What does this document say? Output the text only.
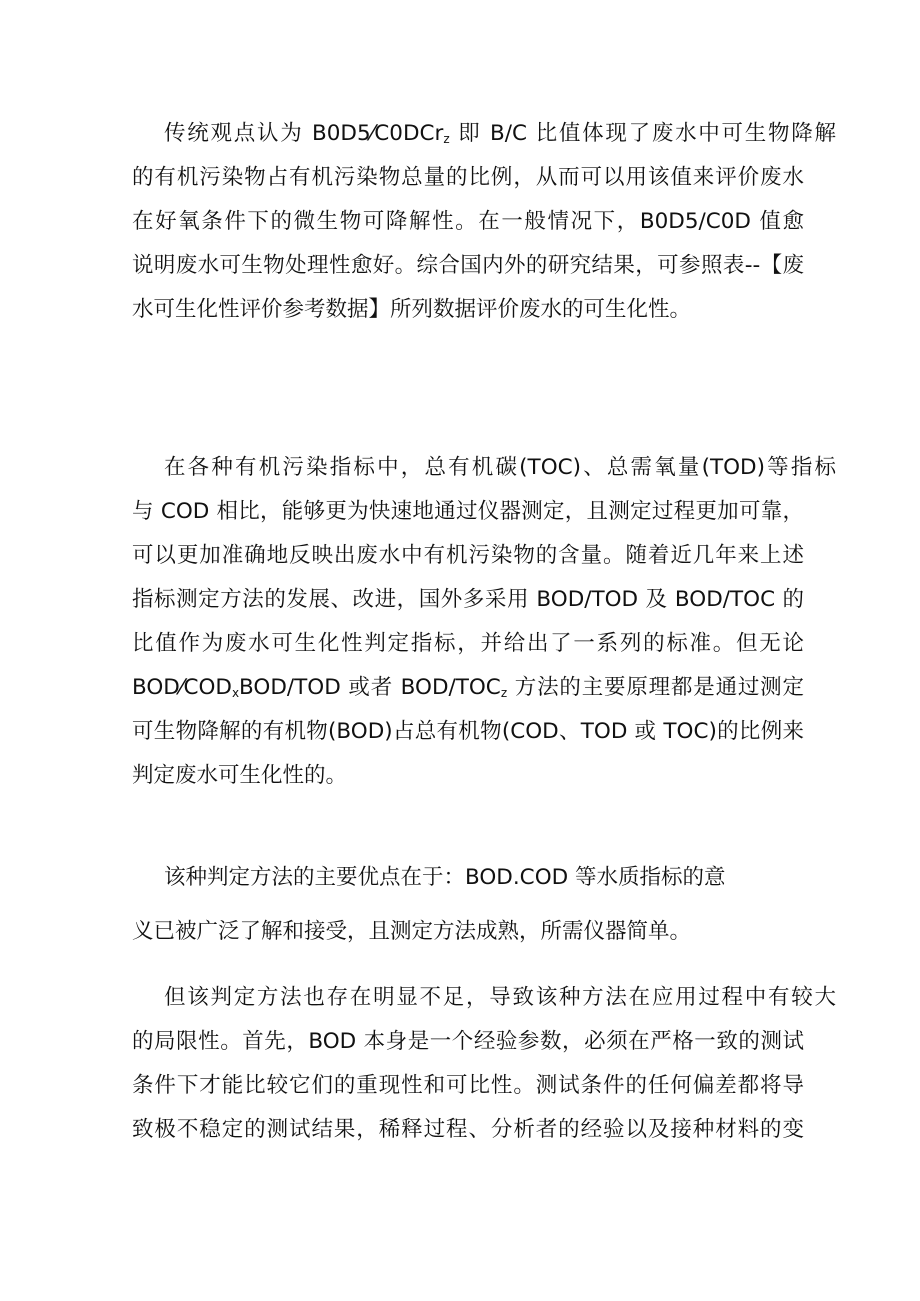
传统观点认为 B0D5⁄C0DCr$_z$ 即 B/C 比值体现了废水中可生物降解
的有机污染物占有机污染物总量的比例，从而可以用该值来评价废水
在好氧条件下的微生物可降解性。在一般情况下，B0D5/C0D 值愈
说明废水可生物处理性愈好。综合国内外的研究结果，可参照表--【废
水可生化性评价参考数据】所列数据评价废水的可生化性。
在各种有机污染指标中，总有机碳(TOC)、总需氧量(TOD)等指标
与 COD 相比，能够更为快速地通过仪器测定，且测定过程更加可靠，
可以更加准确地反映出废水中有机污染物的含量。随着近几年来上述
指标测定方法的发展、改进，国外多采用 BOD/TOD 及 BOD/TOC 的
比值作为废水可生化性判定指标，并给出了一系列的标准。但无论
$BOD⁄COD_xBOD$/TOD 或者 BOD/$TOC_z$ 方法的主要原理都是通过测定
可生物降解的有机物(BOD)占总有机物(COD、TOD 或 TOC)的比例来
判定废水可生化性的。
该种判定方法的主要优点在于：BOD.COD 等水质指标的意
义已被广泛了解和接受，且测定方法成熟，所需仪器简单。
但该判定方法也存在明显不足，导致该种方法在应用过程中有较大
的局限性。首先，BOD 本身是一个经验参数，必须在严格一致的测试
条件下才能比较它们的重现性和可比性。测试条件的任何偏差都将导
致极不稳定的测试结果，稀释过程、分析者的经验以及接种材料的变
